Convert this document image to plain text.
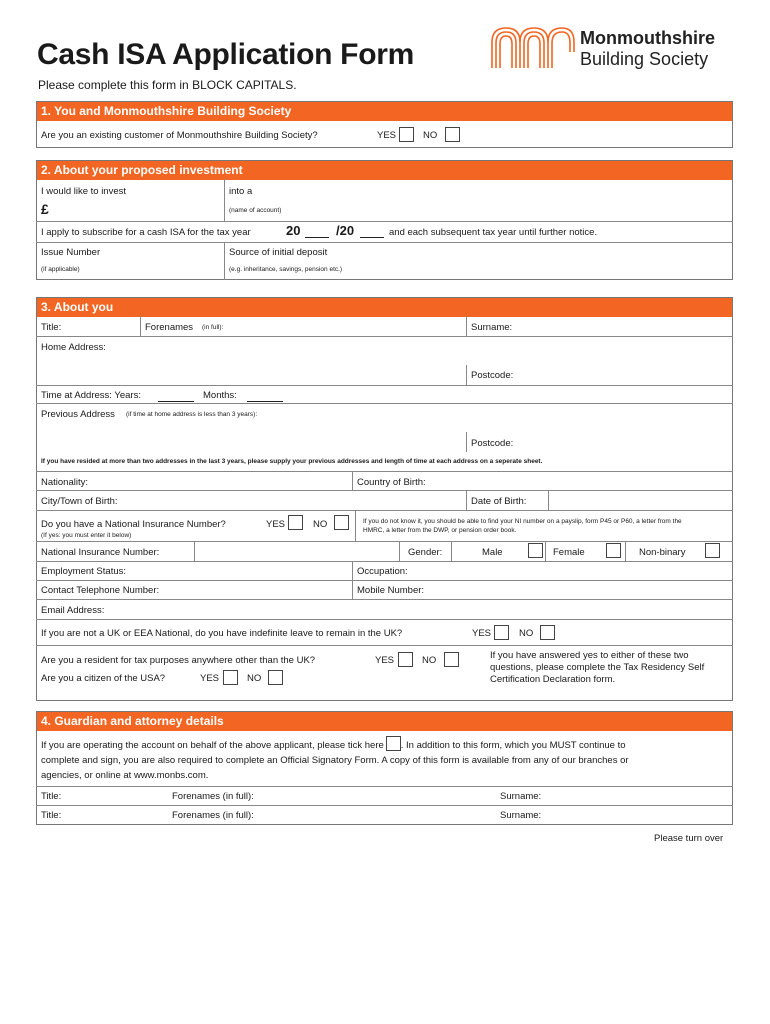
Cash ISA Application Form
Please complete this form in BLOCK CAPITALS.
Monmouthshire
Building Society
1. You and Monmouthshire Building Society
Are you an existing customer of Monmouthshire Building Society?	YES	NO
2. About your proposed investment
I would like to invest
£
into a
(name of account)
I apply to subscribe for a cash ISA for the tax year	20	/20	and each subsequent tax year until further notice.
Issue Number
(if applicable)
Source of initial deposit
(e.g. inheritance, savings, pension etc.)
3. About you
Title:	Forenames (in full):	Surname:
Home Address:
Postcode:
Time at Address: Years:	Months:
Previous Address (if time at home address is less than 3 years):
Postcode:
If you have resided at more than two addresses in the last 3 years, please supply your previous addresses and length of time at each address on a seperate sheet.
Nationality:	Country of Birth:
City/Town of Birth:	Date of Birth:
Do you have a National Insurance Number?	YES	NO
(If yes: you must enter it below)
If you do not know it, you should be able to find your NI number on a payslip, form P45 or P60, a letter from the HMRC, a letter from the DWP, or pension order book.
National Insurance Number:	Gender:	Male	Female	Non-binary
Employment Status:	Occupation:
Contact Telephone Number:	Mobile Number:
Email Address:
If you are not a UK or EEA National, do you have indefinite leave to remain in the UK?	YES	NO
Are you a resident for tax purposes anywhere other than the UK?	YES	NO
Are you a citizen of the USA?	YES	NO
If you have answered yes to either of these two questions, please complete the Tax Residency Self Certification Declaration form.
4. Guardian and attorney details
If you are operating the account on behalf of the above applicant, please tick here . In addition to this form, which you MUST continue to
complete and sign, you are also required to complete an Official Signatory Form. A copy of this form is available from any of our branches or
agencies, or online at www.monbs.com.
Title:	Forenames (in full):	Surname:
Title:	Forenames (in full):	Surname:
Please turn over
